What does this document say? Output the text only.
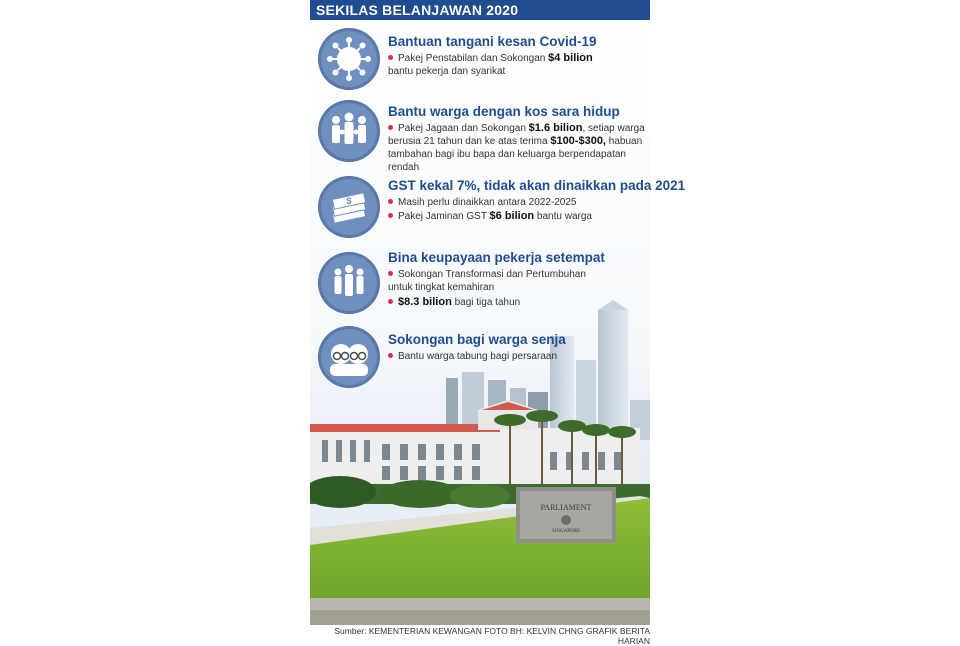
PARLIAMENT
SINGAPORE
SEKILAS BELANJAWAN 2020
Bantuan tangani kesan Covid-19
Pakej Penstabilan dan Sokongan $4 bilion
bantu pekerja dan syarikat
Bantu warga dengan kos sara hidup
Pakej Jagaan dan Sokongan $1.6 bilion, setiap warga berusia 21 tahun dan ke atas terima $100-$300, habuan tambahan bagi ibu bapa dan keluarga berpendapatan rendah
$
GST kekal 7%, tidak akan dinaikkan pada 2021
Masih perlu dinaikkan antara 2022-2025
Pakej Jaminan GST $6 bilion bantu warga
Bina keupayaan pekerja setempat
Sokongan Transformasi dan Pertumbuhan untuk tingkat kemahiran
$8.3 bilion bagi tiga tahun
Sokongan bagi warga senja
Bantu warga tabung bagi persaraan
Sumber: KEMENTERIAN KEWANGAN FOTO BH: KELVIN CHNG GRAFIK BERITA HARIAN
